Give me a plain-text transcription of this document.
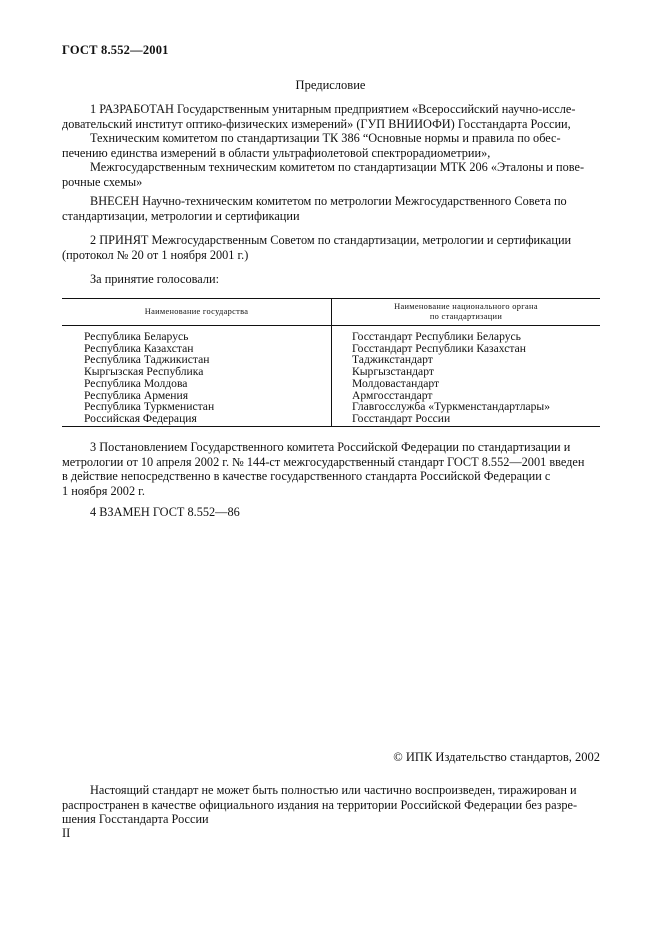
ГОСТ 8.552—2001
Предисловие
1 РАЗРАБОТАН Государственным унитарным предприятием «Всероссийский научно-иссле-
довательский институт оптико-физических измерений» (ГУП ВНИИОФИ) Госстандарта России,
Техническим комитетом по стандартизации ТК 386 “Основные нормы и правила по обес-
печению единства измерений в области ультрафиолетовой спектрорадиометрии»,
Межгосударственным техническим комитетом по стандартизации МТК 206 «Эталоны и пове-
рочные схемы»
ВНЕСЕН Научно-техническим комитетом по метрологии Межгосударственного Совета по
стандартизации, метрологии и сертификации
2 ПРИНЯТ Межгосударственным Советом по стандартизации, метрологии и сертификации
(протокол № 20 от 1 ноября 2001 г.)
За принятие голосовали:
Наименование государства	Наименование национального органа
по стандартизации
Республика Беларусь	Госстандарт Республики Беларусь
Республика Казахстан	Госстандарт Республики Казахстан
Республика Таджикистан	Таджикстандарт
Кыргызская Республика	Кыргызстандарт
Республика Молдова	Молдовастандарт
Республика Армения	Армгосстандарт
Республика Туркменистан	Главгосслужба «Туркменстандартлары»
Российская Федерация	Госстандарт России
3 Постановлением Государственного комитета Российской Федерации по стандартизации и
метрологии от 10 апреля 2002 г. № 144-ст межгосударственный стандарт ГОСТ 8.552—2001 введен
в действие непосредственно в качестве государственного стандарта Российской Федерации с
1 ноября 2002 г.
4 ВЗАМЕН ГОСТ 8.552—86
© ИПК Издательство стандартов, 2002
Настоящий стандарт не может быть полностью или частично воспроизведен, тиражирован и
распространен в качестве официального издания на территории Российской Федерации без разре-
шения Госстандарта России
II
